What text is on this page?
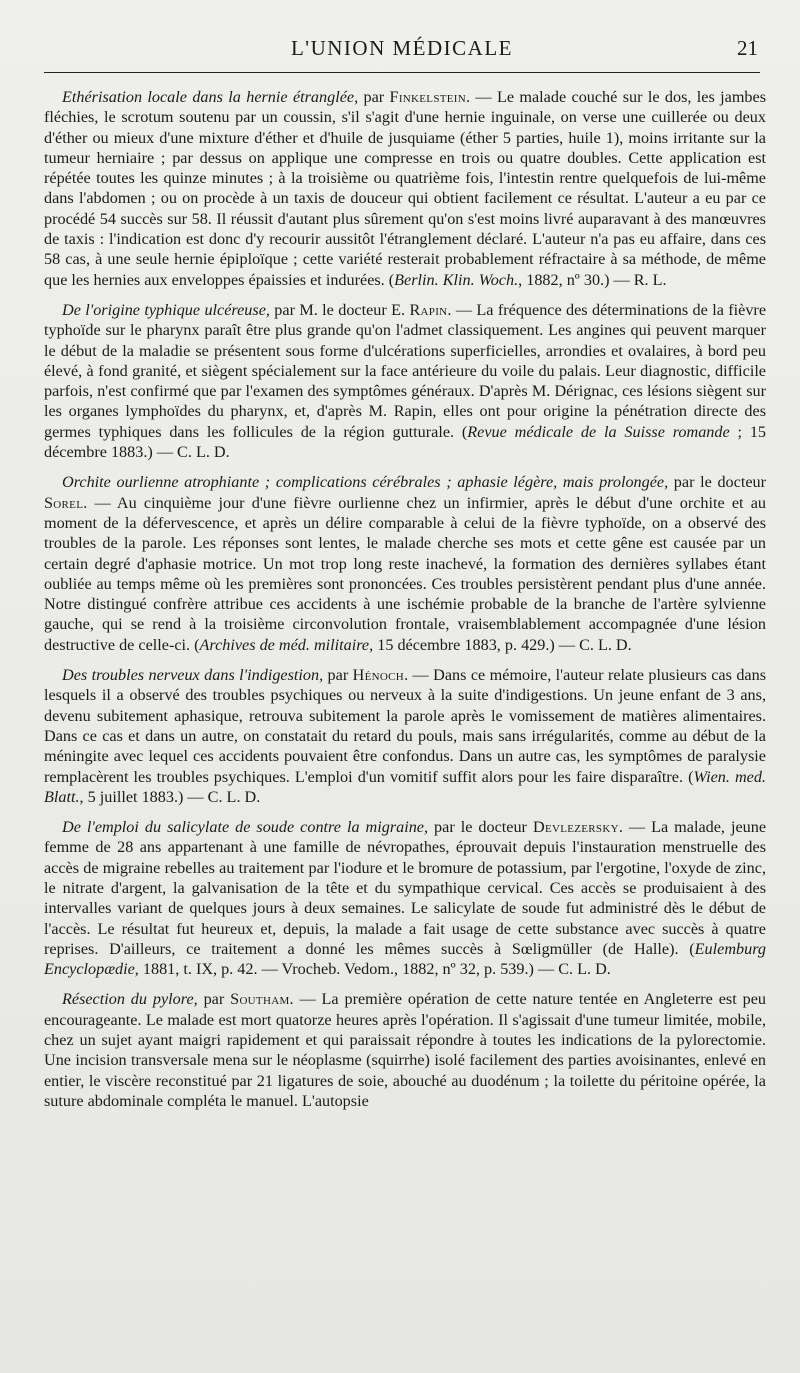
L'UNION MÉDICALE	21

Ethérisation locale dans la hernie étranglée, par Finkelstein. — Le malade couché sur le dos, les jambes fléchies, le scrotum soutenu par un coussin, s'il s'agit d'une hernie inguinale, on verse une cuillerée ou deux d'éther ou mieux d'une mixture d'éther et d'huile de jusquiame (éther 5 parties, huile 1), moins irritante sur la tumeur herniaire ; par dessus on applique une compresse en trois ou quatre doubles. Cette application est répétée toutes les quinze minutes ; à la troisième ou quatrième fois, l'intestin rentre quelquefois de lui-même dans l'abdomen ; ou on procède à un taxis de douceur qui obtient facilement ce résultat. L'auteur a eu par ce procédé 54 succès sur 58. Il réussit d'autant plus sûrement qu'on s'est moins livré auparavant à des manœuvres de taxis : l'indication est donc d'y recourir aussitôt l'étranglement déclaré. L'auteur n'a pas eu affaire, dans ces 58 cas, à une seule hernie épiploïque ; cette variété resterait probablement réfractaire à sa méthode, de même que les hernies aux enveloppes épaissies et indurées. (Berlin. Klin. Woch., 1882, nº 30.) — R. L.

De l'origine typhique ulcéreuse, par M. le docteur E. Rapin. — La fréquence des déterminations de la fièvre typhoïde sur le pharynx paraît être plus grande qu'on l'admet classiquement. Les angines qui peuvent marquer le début de la maladie se présentent sous forme d'ulcérations superficielles, arrondies et ovalaires, à bord peu élevé, à fond granité, et siègent spécialement sur la face antérieure du voile du palais. Leur diagnostic, difficile parfois, n'est confirmé que par l'examen des symptômes généraux. D'après M. Dérignac, ces lésions siègent sur les organes lymphoïdes du pharynx, et, d'après M. Rapin, elles ont pour origine la pénétration directe des germes typhiques dans les follicules de la région gutturale. (Revue médicale de la Suisse romande ; 15 décembre 1883.) — C. L. D.

Orchite ourlienne atrophiante ; complications cérébrales ; aphasie légère, mais prolongée, par le docteur Sorel. — Au cinquième jour d'une fièvre ourlienne chez un infirmier, après le début d'une orchite et au moment de la défervescence, et après un délire comparable à celui de la fièvre typhoïde, on a observé des troubles de la parole. Les réponses sont lentes, le malade cherche ses mots et cette gêne est causée par un certain degré d'aphasie motrice. Un mot trop long reste inachevé, la formation des dernières syllabes étant oubliée au temps même où les premières sont prononcées. Ces troubles persistèrent pendant plus d'une année. Notre distingué confrère attribue ces accidents à une ischémie probable de la branche de l'artère sylvienne gauche, qui se rend à la troisième circonvolution frontale, vraisemblablement accompagnée d'une lésion destructive de celle-ci. (Archives de méd. militaire, 15 décembre 1883, p. 429.) — C. L. D.

Des troubles nerveux dans l'indigestion, par Hénoch. — Dans ce mémoire, l'auteur relate plusieurs cas dans lesquels il a observé des troubles psychiques ou nerveux à la suite d'indigestions. Un jeune enfant de 3 ans, devenu subitement aphasique, retrouva subitement la parole après le vomissement de matières alimentaires. Dans ce cas et dans un autre, on constatait du retard du pouls, mais sans irrégularités, comme au début de la méningite avec lequel ces accidents pouvaient être confondus. Dans un autre cas, les symptômes de paralysie remplacèrent les troubles psychiques. L'emploi d'un vomitif suffit alors pour les faire disparaître. (Wien. med. Blatt., 5 juillet 1883.) — C. L. D.

De l'emploi du salicylate de soude contre la migraine, par le docteur Devlezersky. — La malade, jeune femme de 28 ans appartenant à une famille de névropathes, éprouvait depuis l'instauration menstruelle des accès de migraine rebelles au traitement par l'iodure et le bromure de potassium, par l'ergotine, l'oxyde de zinc, le nitrate d'argent, la galvanisation de la tête et du sympathique cervical. Ces accès se produisaient à des intervalles variant de quelques jours à deux semaines. Le salicylate de soude fut administré dès le début de l'accès. Le résultat fut heureux et, depuis, la malade a fait usage de cette substance avec succès à quatre reprises. D'ailleurs, ce traitement a donné les mêmes succès à Sœligmüller (de Halle). (Eulemburg Encyclopædie, 1881, t. IX, p. 42. — Vrocheb. Vedom., 1882, nº 32, p. 539.) — C. L. D.

Résection du pylore, par Southam. — La première opération de cette nature tentée en Angleterre est peu encourageante. Le malade est mort quatorze heures après l'opération. Il s'agissait d'une tumeur limitée, mobile, chez un sujet ayant maigri rapidement et qui paraissait répondre à toutes les indications de la pylorectomie. Une incision transversale mena sur le néoplasme (squirrhe) isolé facilement des parties avoisinantes, enlevé en entier, le viscère reconstitué par 21 ligatures de soie, abouché au duodénum ; la toilette du péritoine opérée, la suture abdominale compléta le manuel. L'autopsie
